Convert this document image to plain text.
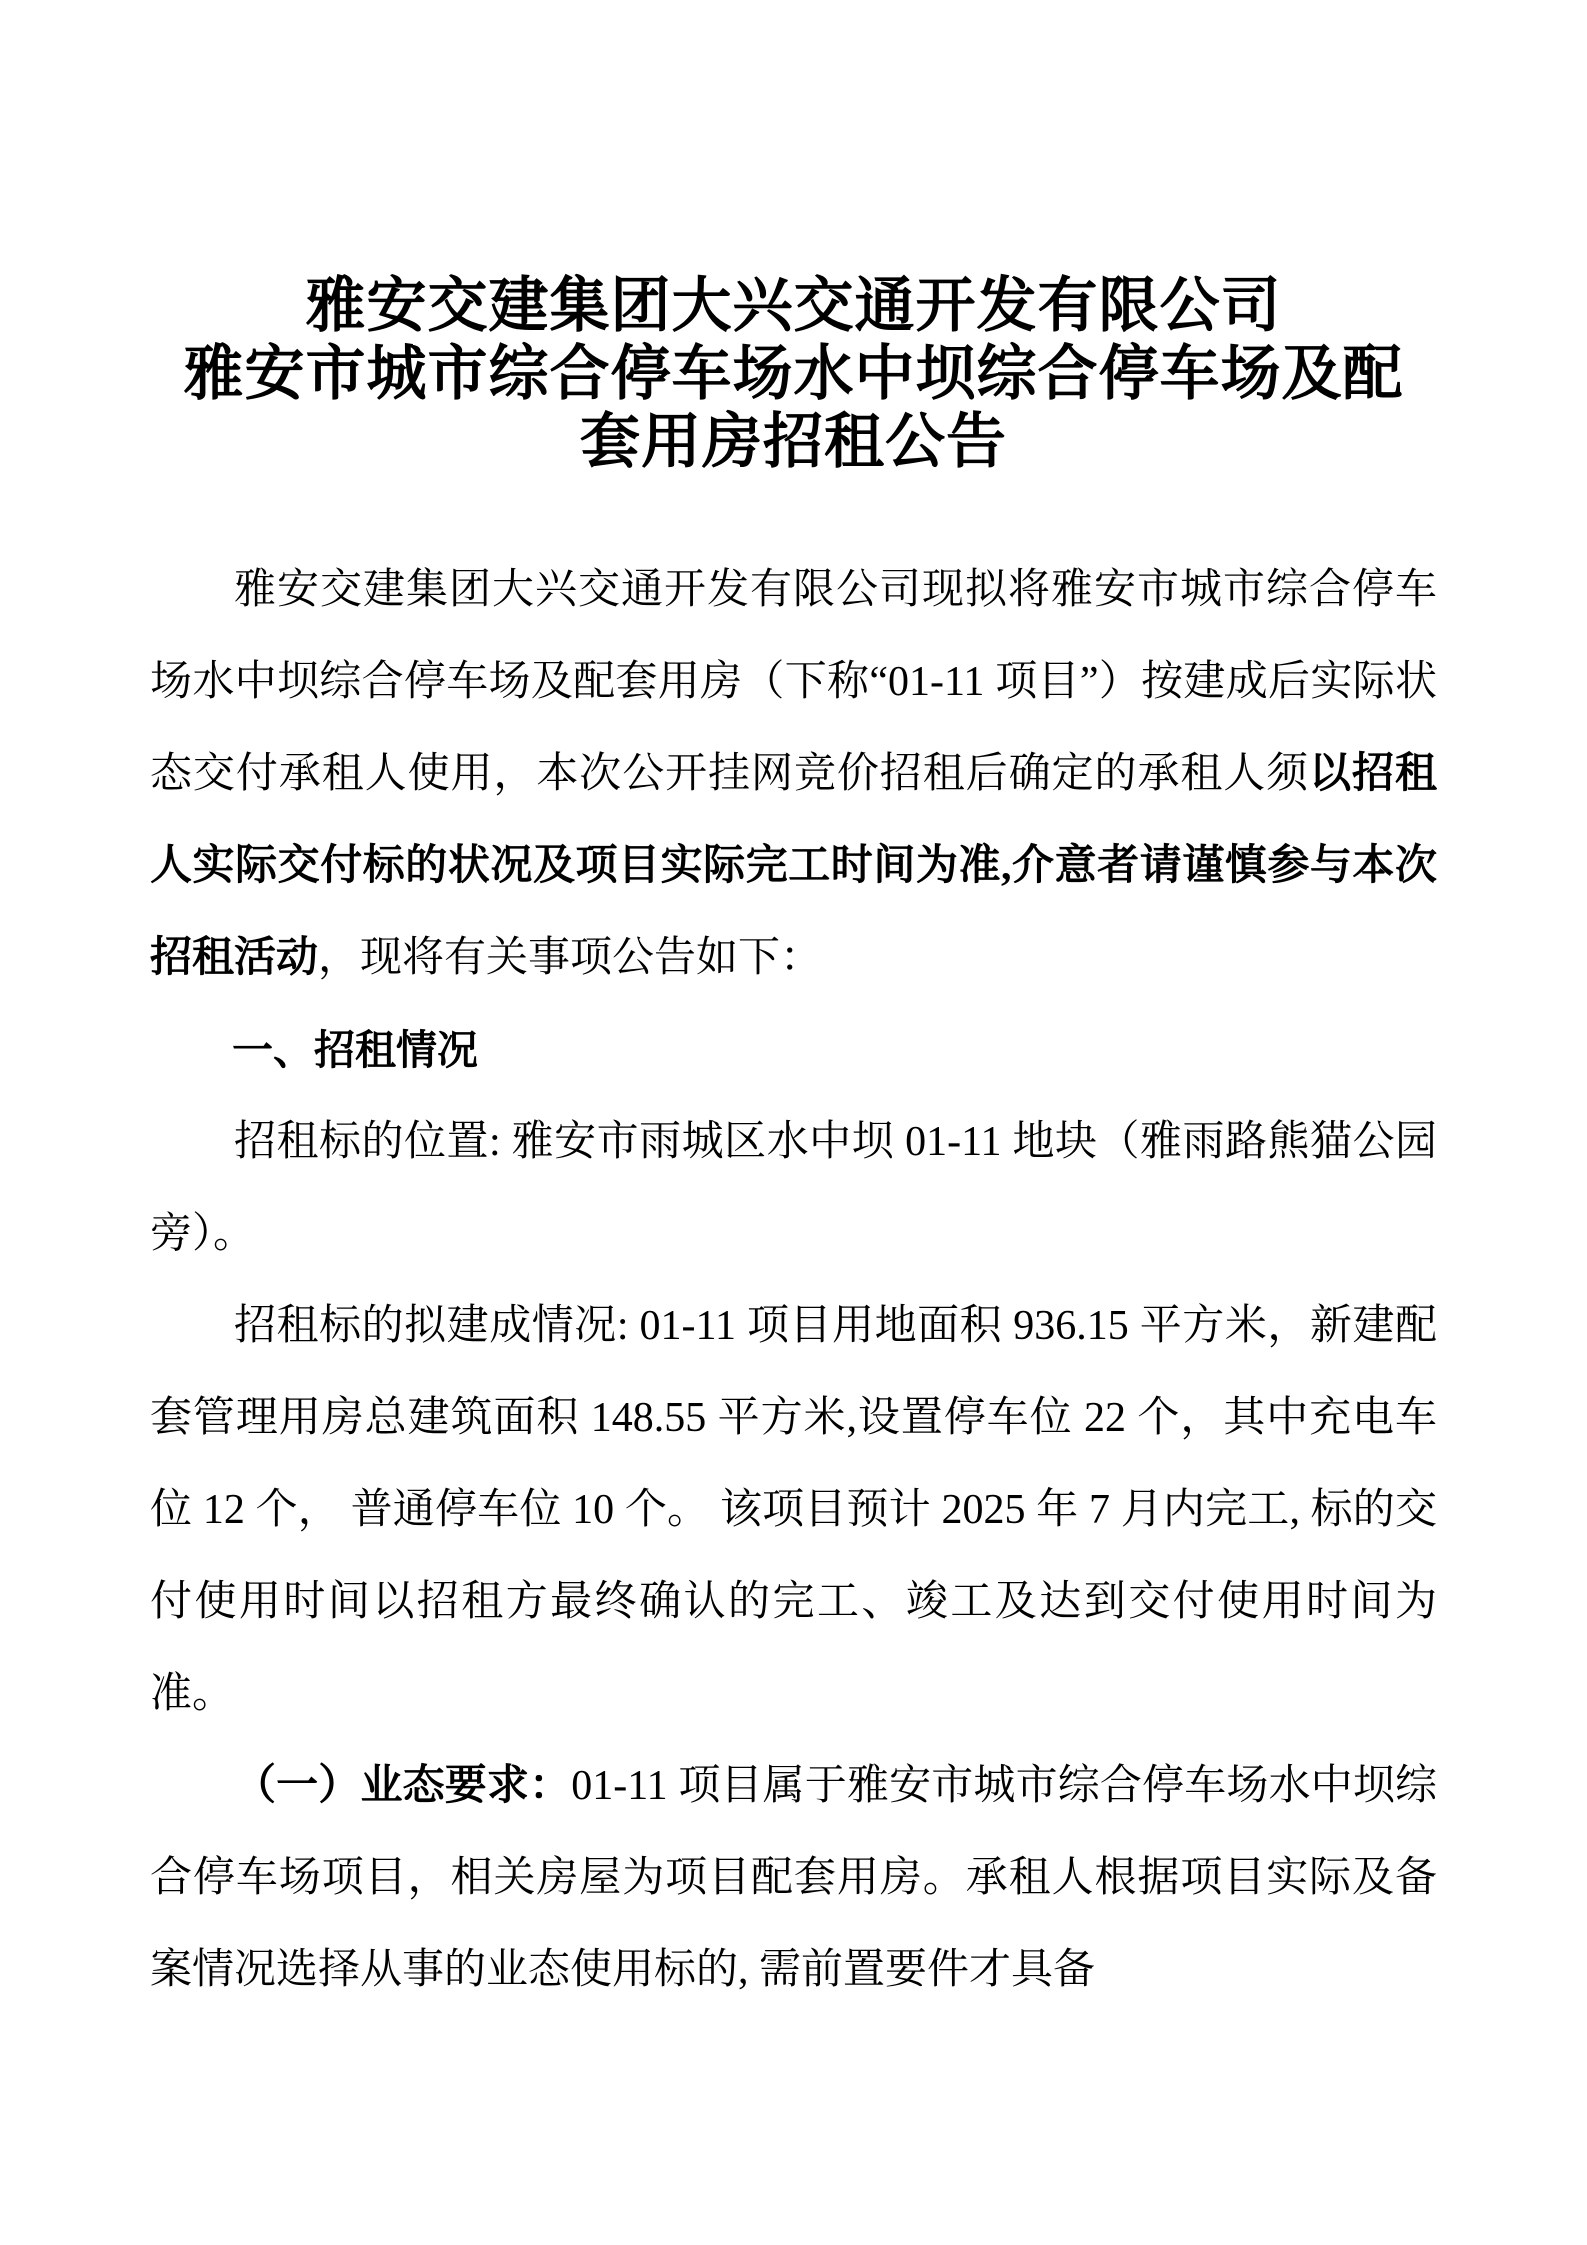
雅安交建集团大兴交通开发有限公司
雅安市城市综合停车场水中坝综合停车场及配
套用房招租公告

雅安交建集团大兴交通开发有限公司现拟将雅安市城市综合停车场水中坝综合停车场及配套用房（下称“01-11 项目”）按建成后实际状态交付承租人使用，本次公开挂网竞价招租后确定的承租人须以招租人实际交付标的状况及项目实际完工时间为准,介意者请谨慎参与本次招租活动，现将有关事项公告如下：

一、招租情况

招租标的位置: 雅安市雨城区水中坝 01-11 地块（雅雨路熊猫公园旁）。

招租标的拟建成情况: 01-11 项目用地面积 936.15 平方米，新建配套管理用房总建筑面积 148.55 平方米,设置停车位 22 个，其中充电车位 12 个， 普通停车位 10 个。 该项目预计 2025 年 7 月内完工, 标的交付使用时间以招租方最终确认的完工、竣工及达到交付使用时间为准。

（一）业态要求：01-11 项目属于雅安市城市综合停车场水中坝综合停车场项目，相关房屋为项目配套用房。承租人根据项目实际及备案情况选择从事的业态使用标的, 需前置要件才具备
